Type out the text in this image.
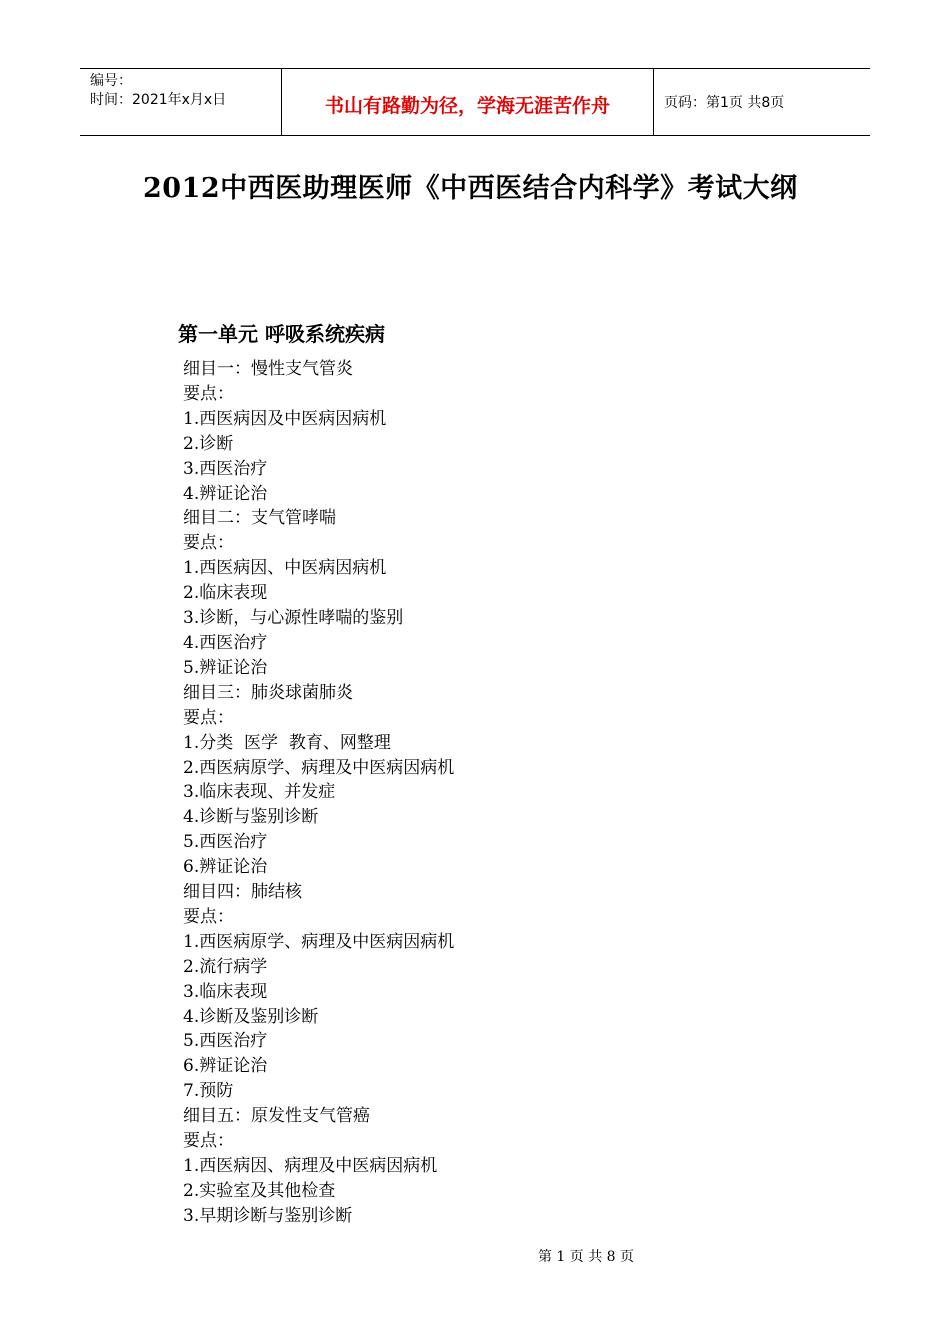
编号：
时间：2021年x月x日	书山有路勤为径，学海无涯苦作舟	页码：第1页 共8页
2012中西医助理医师《中西医结合内科学》考试大纲
第一单元 呼吸系统疾病
细目一：慢性支气管炎
要点：
1.西医病因及中医病因病机
2.诊断
3.西医治疗
4.辨证论治
细目二：支气管哮喘
要点：
1.西医病因、中医病因病机
2.临床表现
3.诊断，与心源性哮喘的鉴别
4.西医治疗
5.辨证论治
细目三：肺炎球菌肺炎
要点：
1.分类  医学  教育、网整理
2.西医病原学、病理及中医病因病机
3.临床表现、并发症
4.诊断与鉴别诊断
5.西医治疗
6.辨证论治
细目四：肺结核
要点：
1.西医病原学、病理及中医病因病机
2.流行病学
3.临床表现
4.诊断及鉴别诊断
5.西医治疗
6.辨证论治
7.预防
细目五：原发性支气管癌
要点：
1.西医病因、病理及中医病因病机
2.实验室及其他检查
3.早期诊断与鉴别诊断
第 1 页 共 8 页
